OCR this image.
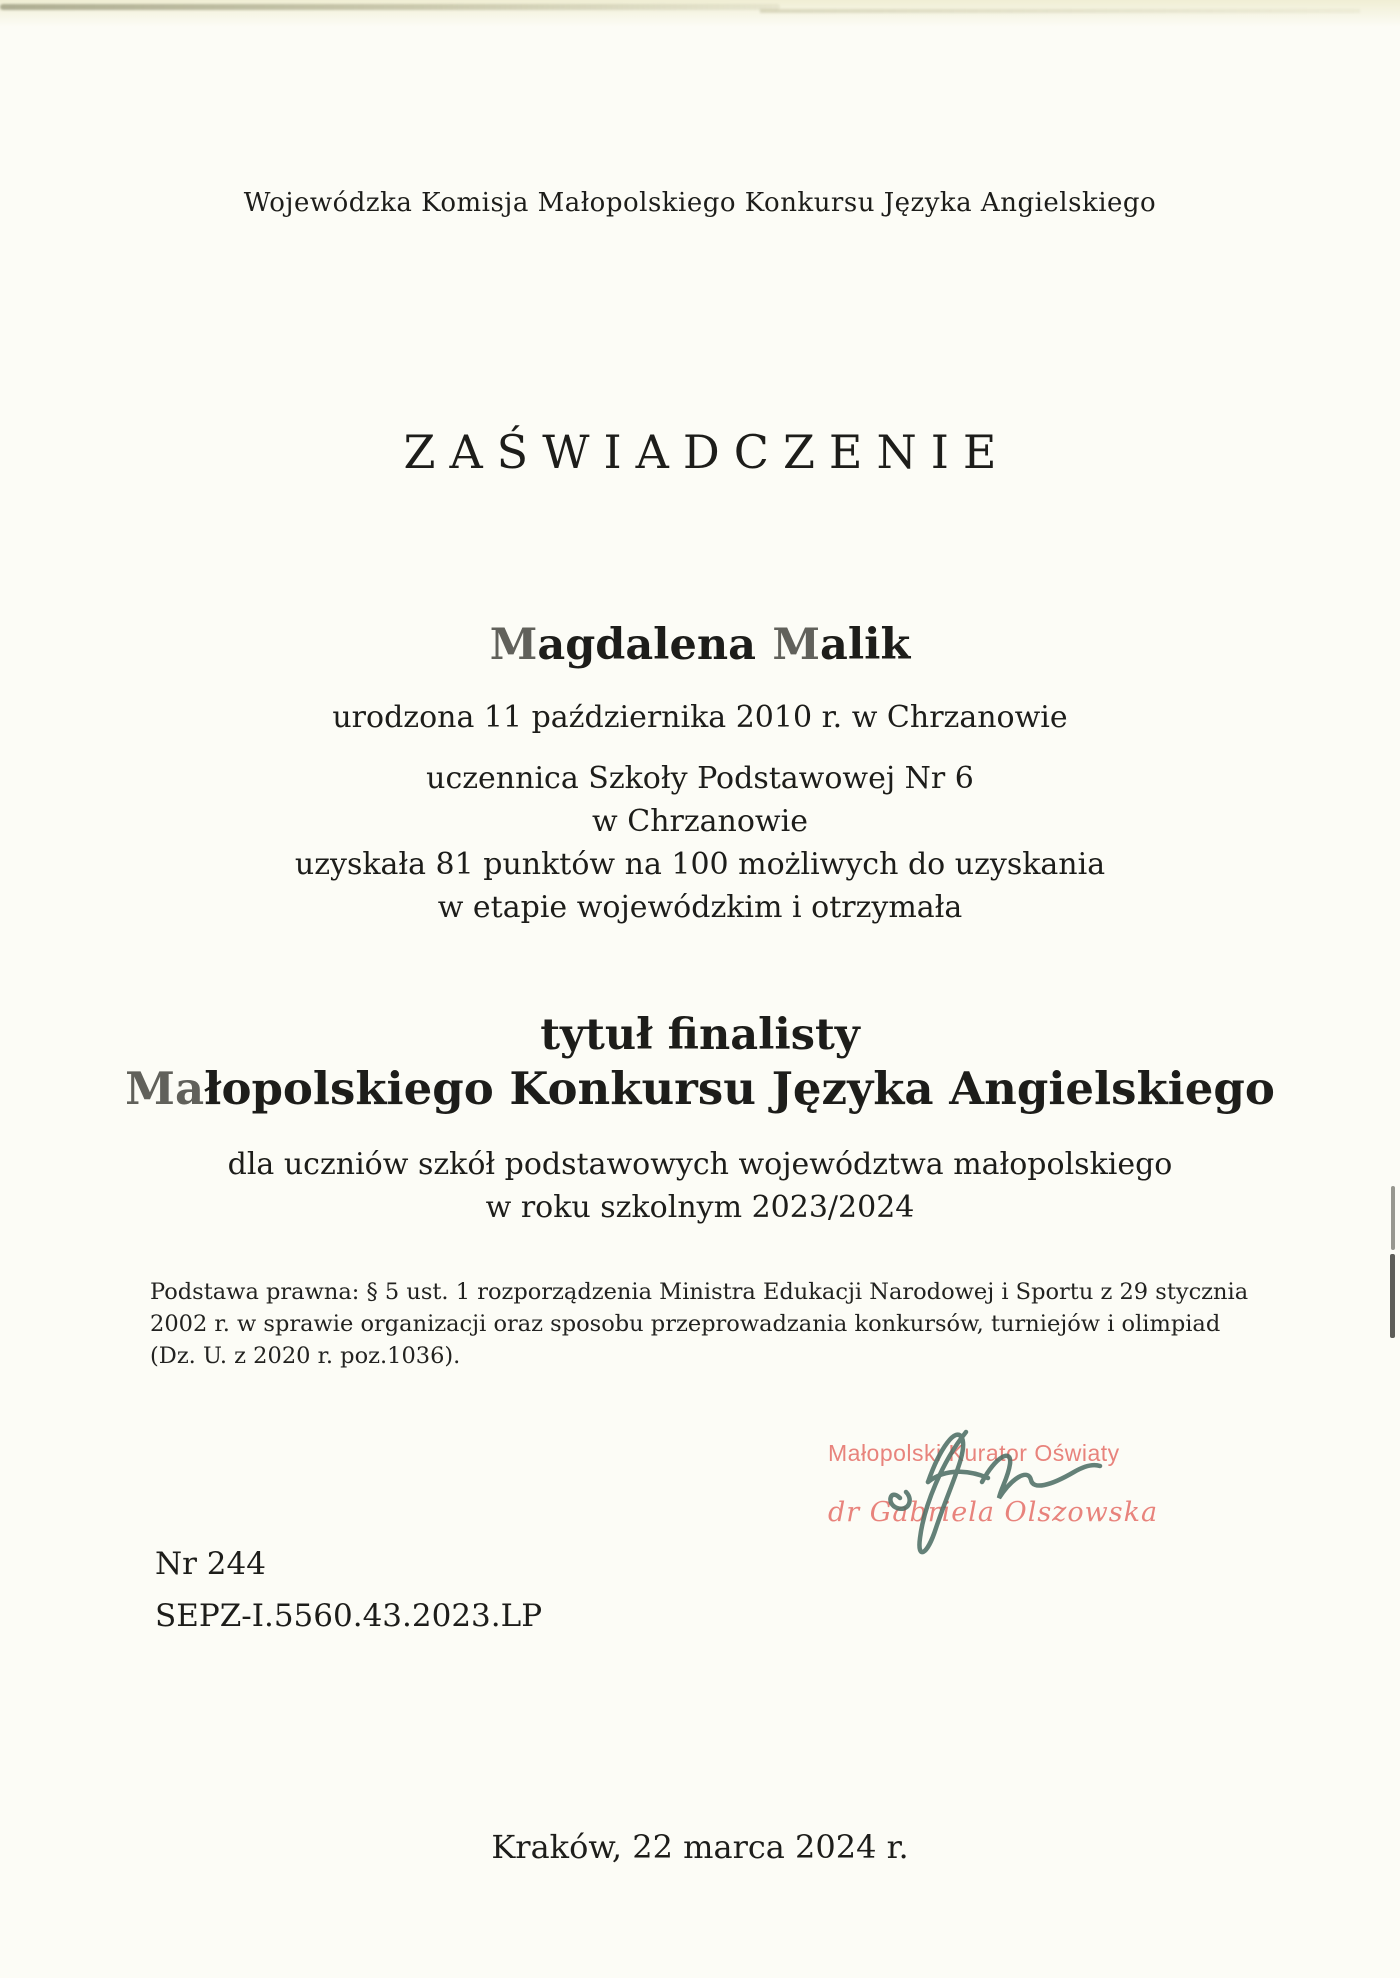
Wojewódzka Komisja Małopolskiego Konkursu Języka Angielskiego
ZAŚWIADCZENIE
Magdalena Malik
urodzona 11 października 2010 r. w Chrzanowie
uczennica Szkoły Podstawowej Nr 6
w Chrzanowie
uzyskała 81 punktów na 100 możliwych do uzyskania
w etapie wojewódzkim i otrzymała
tytuł finalisty
Małopolskiego Konkursu Języka Angielskiego
dla uczniów szkół podstawowych województwa małopolskiego
w roku szkolnym 2023/2024
Podstawa prawna: § 5 ust. 1 rozporządzenia Ministra Edukacji Narodowej i Sportu z 29 stycznia 2002 r. w sprawie organizacji oraz sposobu przeprowadzania konkursów, turniejów i olimpiad (Dz. U. z 2020 r. poz.1036).
Małopolski Kurator Oświaty
dr Gabriela Olszowska
Nr 244
SEPZ-I.5560.43.2023.LP
Kraków, 22 marca 2024 r.
